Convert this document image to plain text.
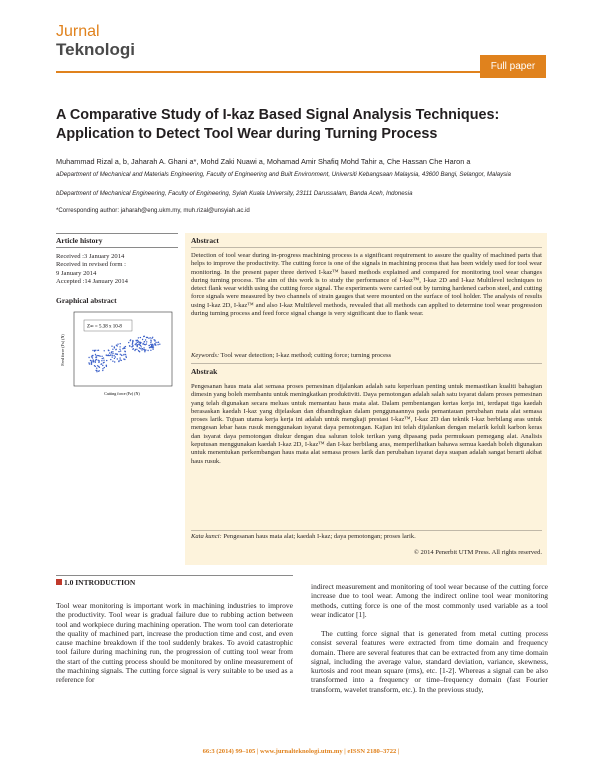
Jurnal
Teknologi
Full paper
A Comparative Study of I-kaz Based Signal Analysis Techniques: Application to Detect Tool Wear during Turning Process
Muhammad Rizal a, b, Jaharah A. Ghani a*, Mohd Zaki Nuawi a, Mohamad Amir Shafiq Mohd Tahir a, Che Hassan Che Haron a
aDepartment of Mechanical and Materials Engineering, Faculty of Engineering and Built Environment, Universiti Kebangsaan Malaysia, 43600 Bangi, Selangor, Malaysia
bDepartment of Mechanical Engineering, Faculty of Engineering, Syiah Kuala University, 23111 Darussalam, Banda Aceh, Indonesia
*Corresponding author: jaharah@eng.ukm.my, muh.rizal@unsyiah.ac.id
Article history
Received :3 January 2014
Received in revised form :
9 January 2014
Accepted :14 January 2014
Graphical abstract
Z∞ = 5.38 x 10-8
Cutting force (Fz) (N)
Feed force (Fx) (N)
Abstract
Detection of tool wear during in-progress machining process is a significant requirement to assure the quality of machined parts that helps to improve the productivity. The cutting force is one of the signals in machining process that has been widely used for tool wear monitoring. In the present paper three derived I-kaz™ based methods explained and compared for monitoring tool wear changes during turning process. The aim of this work is to study the performance of I-kaz™, I-kaz 2D and I-kaz Multilevel techniques to detect flank wear width using the cutting force signal. The experiments were carried out by turning hardened carbon steel, and cutting force signals were measured by two channels of strain gauges that were mounted on the surface of tool holder. The analysis of results using I-kaz 2D, I-kaz™ and also I-kaz Multilevel methods, revealed that all methods can applied to determine tool wear progression during turning process and feed force signal change is very significant due to flank wear.
Keywords: Tool wear detection; I-kaz method; cutting force; turning process
Abstrak
Pengesanan haus mata alat semasa proses pemesinan dijalankan adalah satu keperluan penting untuk memastikan kualiti bahagian dimesin yang boleh membantu untuk meningkatkan produktiviti. Daya pemotongan adalah salah satu isyarat dalam proses pemesinan yang telah digunakan secara meluas untuk memantau haus mata alat. Dalam pembentangan kertas kerja ini, terdapat tiga kaedah berasaskan kaedah I-kaz yang dijelaskan dan dibandingkan dalam penggunaannya pada pemantauan perubahan mata alat semasa proses larik. Tujuan utama kerja kerja ini adalah untuk mengkaji prestasi I-kaz™, I-kaz 2D dan teknik I-kaz berbilang aras untuk mengesan lebar haus rusuk menggunakan isyarat daya pemotongan. Kajian ini telah dijalankan dengan melarik keluli karbon keras dan isyarat daya pemotongan diukur dengan dua saluran tolok terikan yang dipasang pada permukaan pemegang alat. Analisis keputusan menggunakan kaedah I-kaz 2D, I-kaz™ dan I-kaz berbilang aras, memperlihatkan bahawa semua kaedah boleh digunakan untuk menentukan perkembangan haus mata alat semasa proses larik dan perubahan isyarat daya suapan adalah sangat berarti akibat haus rusuk.
Kata kunci: Pengesanan haus mata alat; kaedah I-kaz; daya pemotongan; proses larik.
© 2014 Penerbit UTM Press. All rights reserved.
1.0 INTRODUCTION
Tool wear monitoring is important work in machining industries to improve the productivity. Tool wear is gradual failure due to rubbing action between tool and workpiece during machining operation. The worn tool can deteriorate the quality of machined part, increase the production time and cost, and even cause machine breakdown if the tool suddenly brakes. To avoid catastrophic tool failure during machining run, the progression of cutting tool wear from the start of the cutting process should be monitored by online measurement of the machining signals. The cutting force signal is very suitable to be used as a reference for
indirect measurement and monitoring of tool wear because of the cutting force increase due to tool wear. Among the indirect online tool wear monitoring methods, cutting force is one of the most commonly used variable as a tool wear indicator [1].
The cutting force signal that is generated from metal cutting process consist several features were extracted from time domain and frequency domain. There are several features that can be extracted from any time domain signal, including the average value, standard deviation, variance, skewness, kurtosis and root mean square (rms), etc. [1-2]. Whereas a signal can be also transformed into a frequency or time–frequency domain (fast Fourier transform, wavelet transform, etc.). In the previous study,
66:3 (2014) 99–105 | www.jurnalteknologi.utm.my | eISSN 2180–3722 |
